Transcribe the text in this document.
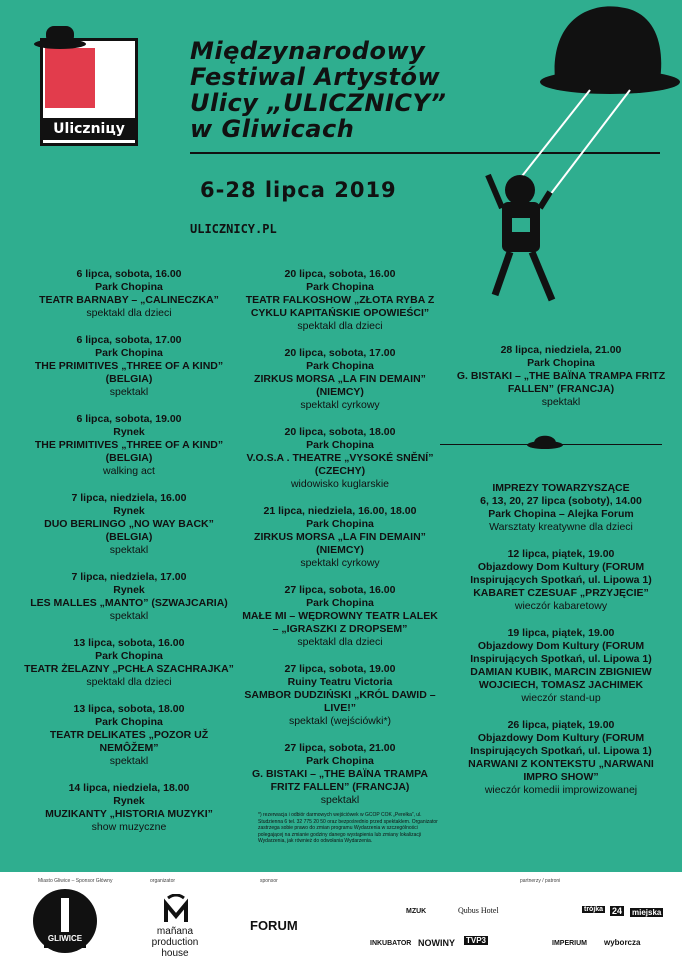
Uliczniцy
Międzynarodowy
Festiwal Artystów
Ulicy „ULICZNICY”
w Gliwicach
6-28 lipca 2019
ULICZNICY.PL
6 lipca, sobota, 16.00
Park Chopina
TEATR BARNABY – „CALINECZKA”
spektakl dla dzieci
6 lipca, sobota, 17.00
Park Chopina
THE PRIMITIVES „THREE OF A KIND” (BELGIA)
spektakl
6 lipca, sobota, 19.00
Rynek
THE PRIMITIVES „THREE OF A KIND” (BELGIA)
walking act
7 lipca, niedziela, 16.00
Rynek
DUO BERLINGO „NO WAY BACK” (BELGIA)
spektakl
7 lipca, niedziela, 17.00
Rynek
LES MALLES „MANTO” (SZWAJCARIA)
spektakl
13 lipca, sobota, 16.00
Park Chopina
TEATR ŻELAZNY „PCHŁA SZACHRAJKA”
spektakl dla dzieci
13 lipca, sobota, 18.00
Park Chopina
TEATR DELIKATES „POZOR UŽ NEMÔŽEM”
spektakl
14 lipca, niedziela, 18.00
Rynek
MUZIKANTY „HISTORIA MUZYKI”
show muzyczne
20 lipca, sobota, 16.00
Park Chopina
TEATR FALKOSHOW „ZŁOTA RYBA Z CYKLU KAPITAŃSKIE OPOWIEŚCI”
spektakl dla dzieci
20 lipca, sobota, 17.00
Park Chopina
ZIRKUS MORSA „LA FIN DEMAIN” (NIEMCY)
spektakl cyrkowy
20 lipca, sobota, 18.00
Park Chopina
V.O.S.A . THEATRE „VYSOKÉ SNĚNÍ” (CZECHY)
widowisko kuglarskie
21 lipca, niedziela, 16.00, 18.00
Park Chopina
ZIRKUS MORSA „LA FIN DEMAIN” (NIEMCY)
spektakl cyrkowy
27 lipca, sobota, 16.00
Park Chopina
MAŁE MI – WĘDROWNY TEATR LALEK – „IGRASZKI Z DROPSEM”
spektakl dla dzieci
27 lipca, sobota, 19.00
Ruiny Teatru Victoria
SAMBOR DUDZIŃSKI „KRÓL DAWID – LIVE!”
spektakl (wejściówki*)
27 lipca, sobota, 21.00
Park Chopina
G. BISTAKI – „THE BAÏNA TRAMPA FRITZ FALLEN” (FRANCJA)
spektakl
28 lipca, niedziela, 21.00
Park Chopina
G. BISTAKI – „THE BAÏNA TRAMPA FRITZ FALLEN” (FRANCJA)
spektakl
IMPREZY TOWARZYSZĄCE
6, 13, 20, 27 lipca (soboty), 14.00
Park Chopina – Alejka Forum
Warsztaty kreatywne dla dzieci
12 lipca, piątek, 19.00
Objazdowy Dom Kultury (FORUM Inspirujących Spotkań, ul. Lipowa 1)
KABARET CZESUAF „PRZYJĘCIE”
wieczór kabaretowy
19 lipca, piątek, 19.00
Objazdowy Dom Kultury (FORUM Inspirujących Spotkań, ul. Lipowa 1)
DAMIAN KUBIK, MARCIN ZBIGNIEW WOJCIECH, TOMASZ JACHIMEK
wieczór stand-up
26 lipca, piątek, 19.00
Objazdowy Dom Kultury (FORUM Inspirujących Spotkań, ul. Lipowa 1)
NARWANI Z KONTEKSTU „NARWANI IMPRO SHOW”
wieczór komedii improwizowanej
*) rezerwacja i odbiór darmowych wejściówek w GCOP COK „Perełka”, ul. Studzienna 6 tel. 32 775 20 50 oraz bezpośrednio przed spektaklem. Organizator zastrzega sobie prawo do zmian programu Wydarzenia w szczególności polegającej na zmianie godziny danego wystąpienia lub zmiany lokalizacji Wydarzenia, jak również do odwołania Wydarzenia.
Miasto Gliwice – Sponsor Główny	organizator	sponsor	partnerzy / patroni
GLIWICE
mañana production house
FORUM
Qubus Hotel
MZUK	miejska
INKUBATOR NOWINY TVP3	IMPERIUM wyborcza
24
trójka
